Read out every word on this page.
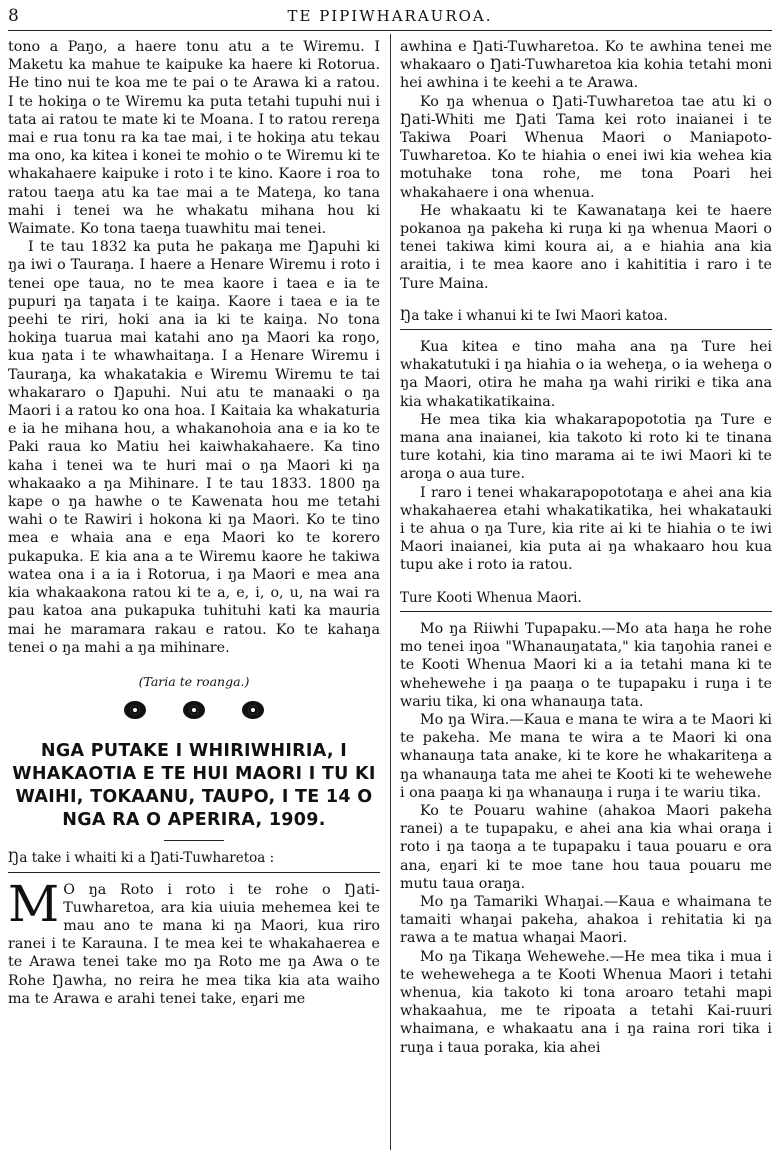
8	TE PIPIWHARAUROA.

tono a Paŋo, a haere tonu atu a te Wiremu. I Maketu ka mahue te kaipuke ka haere ki Rotorua. He tino nui te koa me te pai o te Arawa ki a ratou. I te hokiŋa o te Wiremu ka puta tetahi tupuhi nui i tata ai ratou te mate ki te Moana. I to ratou rereŋa mai e rua tonu ra ka tae mai, i te hokiŋa atu tekau ma ono, ka kitea i konei te mohio o te Wiremu ki te whakahaere kaipuke i roto i te kino. Kaore i roa to ratou taeŋa atu ka tae mai a te Mateŋa, ko tana mahi i tenei wa he whakatu mihana hou ki Waimate. Ko tona taeŋa tuawhitu mai tenei.

I te tau 1832 ka puta he pakaŋa me Ŋapuhi ki ŋa iwi o Tauraŋa. I haere a Henare Wiremu i roto i tenei ope taua, no te mea kaore i taea e ia te pupuri ŋa taŋata i te kaiŋa. Kaore i taea e ia te peehi te riri, hoki ana ia ki te kaiŋa. No tona hokiŋa tuarua mai katahi ano ŋa Maori ka roŋo, kua ŋata i te whawhaitaŋa. I a Henare Wiremu i Tauraŋa, ka whakatakia e Wiremu Wiremu te tai whakararo o Ŋapuhi. Nui atu te manaaki o ŋa Maori i a ratou ko ona hoa. I Kaitaia ka whakaturia e ia he mihana hou, a whakanohoia ana e ia ko te Paki raua ko Matiu hei kaiwhakahaere. Ka tino kaha i tenei wa te huri mai o ŋa Maori ki ŋa whakaako a ŋa Mihinare. I te tau 1833. 1800 ŋa kape o ŋa hawhe o te Kawenata hou me tetahi wahi o te Rawiri i hokona ki ŋa Maori. Ko te tino mea e whaia ana e eŋa Maori ko te korero pukapuka. E kia ana a te Wiremu kaore he takiwa watea ona i a ia i Rotorua, i ŋa Maori e mea ana kia whakaakona ratou ki te a, e, i, o, u, na wai ra pau katoa ana pukapuka tuhituhi kati ka mauria mai he maramara rakau e ratou. Ko te kahaŋa tenei o ŋa mahi a ŋa mihinare.

(Taria te roanga.)

NGA PUTAKE I WHIRIWHIRIA, I WHAKAOTIA E TE HUI MAORI I TU KI WAIHI, TOKAANU, TAUPO, I TE 14 O NGA RA O APERIRA, 1909.
Ŋa take i whaiti ki a Ŋati-Tuwharetoa :
M O ŋa Roto i roto i te rohe o Ŋati-Tuwharetoa, ara kia uiuia mehemea kei te mau ano te mana ki ŋa Maori, kua riro ranei i te Karauna. I te mea kei te whakahaerea e te Arawa tenei take mo ŋa Roto me ŋa Awa o te Rohe Ŋawha, no reira he mea tika kia ata waiho ma te Arawa e arahi tenei take, eŋari me

awhina e Ŋati-Tuwharetoa. Ko te awhina tenei me whakaaro o Ŋati-Tuwharetoa kia kohia tetahi moni hei awhina i te keehi a te Arawa.

Ko ŋa whenua o Ŋati-Tuwharetoa tae atu ki o Ŋati-Whiti me Ŋati Tama kei roto inaianei i te Takiwa Poari Whenua Maori o Maniapoto-Tuwharetoa. Ko te hiahia o enei iwi kia wehea kia motuhake tona rohe, me tona Poari hei whakahaere i ona whenua.

He whakaatu ki te Kawanataŋa kei te haere pokanoa ŋa pakeha ki ruŋa ki ŋa whenua Maori o tenei takiwa kimi koura ai, a e hiahia ana kia araitia, i te mea kaore ano i kahititia i raro i te Ture Maina.

Ŋa take i whanui ki te Iwi Maori katoa.

Kua kitea e tino maha ana ŋa Ture hei whakatutuki i ŋa hiahia o ia weheŋa, o ia weheŋa o ŋa Maori, otira he maha ŋa wahi ririki e tika ana kia whakatikatikaina.

He mea tika kia whakarapopototia ŋa Ture e mana ana inaianei, kia takoto ki roto ki te tinana ture kotahi, kia tino marama ai te iwi Maori ki te aroŋa o aua ture.

I raro i tenei whakarapopototaŋa e ahei ana kia whakahaerea etahi whakatikatika, hei whakatauki i te ahua o ŋa Ture, kia rite ai ki te hiahia o te iwi Maori inaianei, kia puta ai ŋa whakaaro hou kua tupu ake i roto ia ratou.

Ture Kooti Whenua Maori.

Mo ŋa Riiwhi Tupapaku.—Mo ata haŋa he rohe mo tenei iŋoa "Whanauŋatata," kia taŋohia ranei e te Kooti Whenua Maori ki a ia tetahi mana ki te whehewehe i ŋa paaŋa o te tupapaku i ruŋa i te wariu tika, ki ona whanauŋa tata.

Mo ŋa Wira.—Kaua e mana te wira a te Maori ki te pakeha. Me mana te wira a te Maori ki ona whanauŋa tata anake, ki te kore he whakariteŋa a ŋa whanauŋa tata me ahei te Kooti ki te wehewehe i ona paaŋa ki ŋa whanauŋa i ruŋa i te wariu tika.

Ko te Pouaru wahine (ahakoa Maori pakeha ranei) a te tupapaku, e ahei ana kia whai oraŋa i roto i ŋa taoŋa a te tupapaku i taua pouaru e ora ana, eŋari ki te moe tane hou taua pouaru me mutu taua oraŋa.

Mo ŋa Tamariki Whaŋai.—Kaua e whaimana te tamaiti whaŋai pakeha, ahakoa i rehitatia ki ŋa rawa a te matua whaŋai Maori.

Mo ŋa Tikaŋa Wehewehe.—He mea tika i mua i te wehewehega a te Kooti Whenua Maori i tetahi whenua, kia takoto ki tona aroaro tetahi mapi whakaahua, me te ripoata a tetahi Kai-ruuri whaimana, e whakaatu ana i ŋa raina rori tika i ruŋa i taua poraka, kia ahei
